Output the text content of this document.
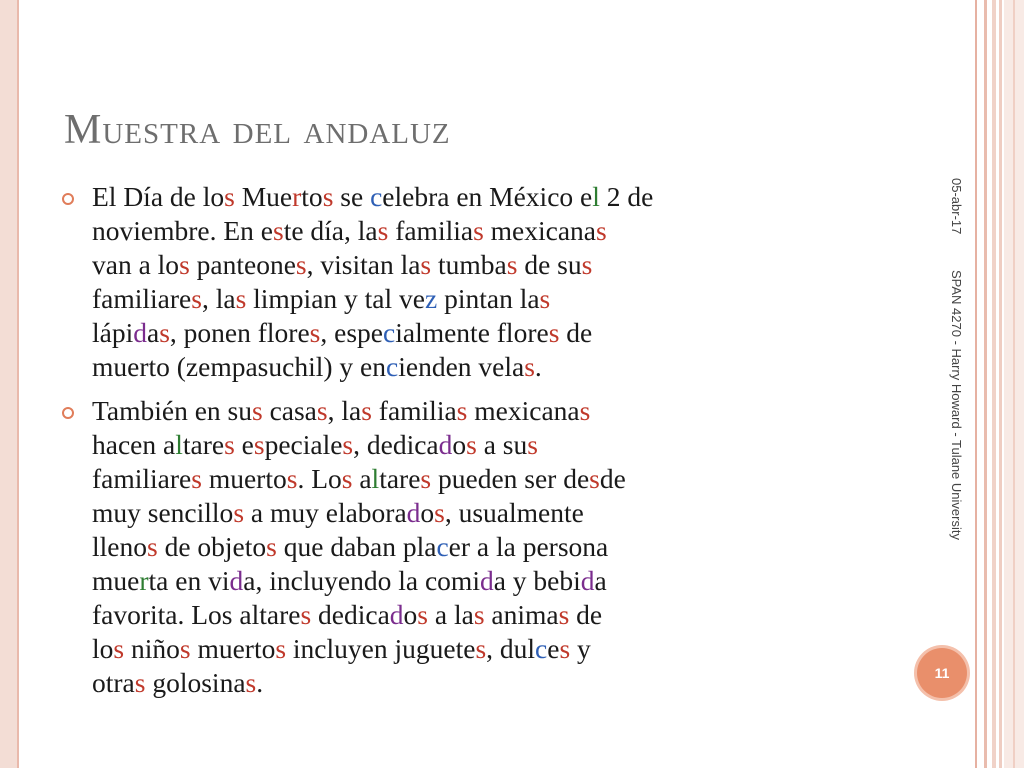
Muestra del andaluz
El Día de los Muertos se celebra en México el 2 de
noviembre. En este día, las familias mexicanas
van a los panteones, visitan las tumbas de sus
familiares, las limpian y tal vez pintan las
lápidas, ponen flores, especialmente flores de
muerto (zempasuchil) y encienden velas.
También en sus casas, las familias mexicanas
hacen altares especiales, dedicados a sus
familiares muertos. Los altares pueden ser desde
muy sencillos a muy elaborados, usualmente
llenos de objetos que daban placer a la persona
muerta en vida, incluyendo la comida y bebida
favorita. Los altares dedicados a las animas de
los niños muertos incluyen juguetes, dulces y
otras golosinas.
05-abr-17
SPAN 4270 - Harry Howard - Tulane University
11
